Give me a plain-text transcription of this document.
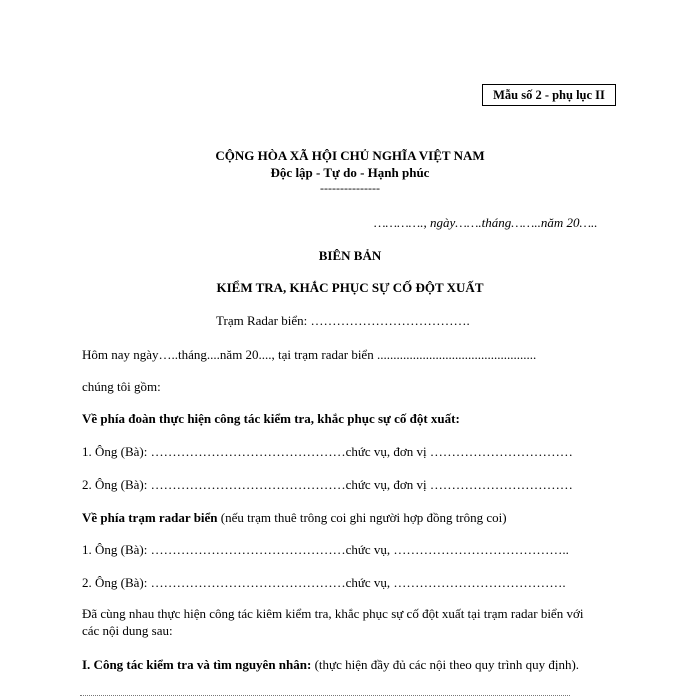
Mẫu số 2 - phụ lục II
CỘNG HÒA XÃ HỘI CHỦ NGHĨA VIỆT NAM
Độc lập - Tự do - Hạnh phúc
---------------
…………., ngày…….tháng……..năm 20…..
BIÊN BẢN
KIỂM TRA, KHẮC PHỤC SỰ CỐ ĐỘT XUẤT
Trạm Radar biển: ……………………………….
Hôm nay ngày…..tháng....năm 20...., tại trạm radar biển .................................................
chúng tôi gồm:
Về phía đoàn thực hiện công tác kiểm tra, khắc phục sự cố đột xuất:
1. Ông (Bà): ………………………………………chức vụ, đơn vị ……………………………
2. Ông (Bà): ………………………………………chức vụ, đơn vị ……………………………
Về phía trạm radar biển (nếu trạm thuê trông coi ghi người hợp đồng trông coi)
1. Ông (Bà): ………………………………………chức vụ, …………………………………..
2. Ông (Bà): ………………………………………chức vụ, ………………………………….
Đã cùng nhau thực hiện công tác kiêm kiểm tra, khắc phục sự cố đột xuất tại trạm radar biển với
các nội dung sau:
I. Công tác kiểm tra và tìm nguyên nhân: (thực hiện đầy đủ các nội theo quy trình quy định).
